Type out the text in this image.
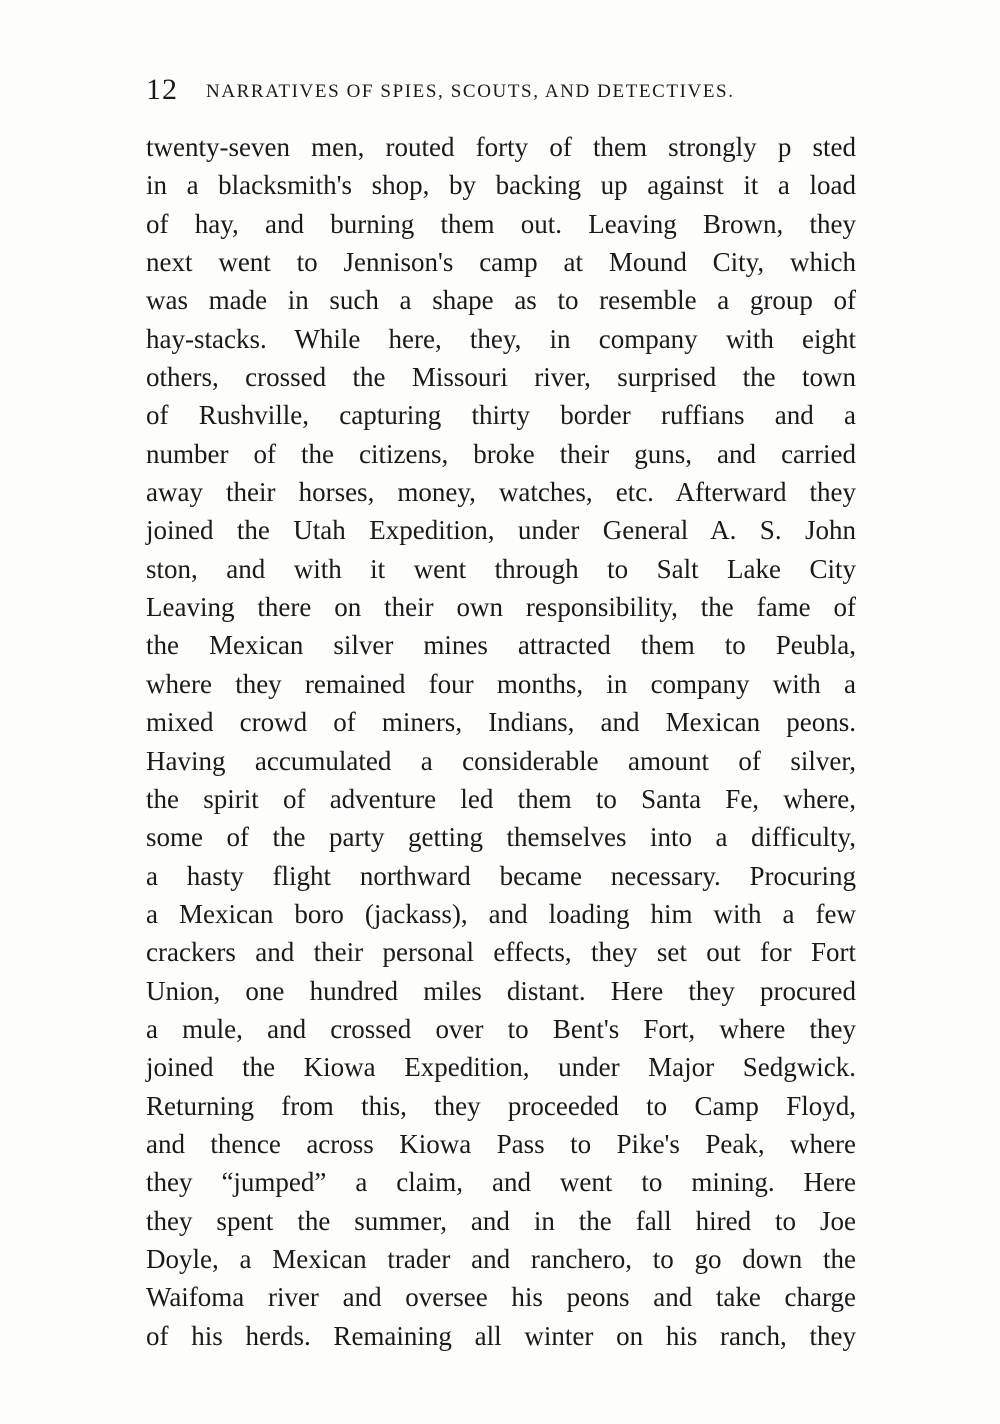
12 NARRATIVES OF SPIES, SCOUTS, AND DETECTIVES.
twenty-seven men, routed forty of them strongly p sted
in a blacksmith's shop, by backing up against it a load
of hay, and burning them out. Leaving Brown, they
next went to Jennison's camp at Mound City, which
was made in such a shape as to resemble a group of
hay-stacks. While here, they, in company with eight
others, crossed the Missouri river, surprised the town
of Rushville, capturing thirty border ruffians and a
number of the citizens, broke their guns, and carried
away their horses, money, watches, etc. Afterward they
joined the Utah Expedition, under General A. S. John
ston, and with it went through to Salt Lake City
Leaving there on their own responsibility, the fame of
the Mexican silver mines attracted them to Peubla,
where they remained four months, in company with a
mixed crowd of miners, Indians, and Mexican peons.
Having accumulated a considerable amount of silver,
the spirit of adventure led them to Santa Fe, where,
some of the party getting themselves into a difficulty,
a hasty flight northward became necessary. Procuring
a Mexican boro (jackass), and loading him with a few
crackers and their personal effects, they set out for Fort
Union, one hundred miles distant. Here they procured
a mule, and crossed over to Bent's Fort, where they
joined the Kiowa Expedition, under Major Sedgwick.
Returning from this, they proceeded to Camp Floyd,
and thence across Kiowa Pass to Pike's Peak, where
they “jumped” a claim, and went to mining. Here
they spent the summer, and in the fall hired to Joe
Doyle, a Mexican trader and ranchero, to go down the
Waifoma river and oversee his peons and take charge
of his herds. Remaining all winter on his ranch, they
